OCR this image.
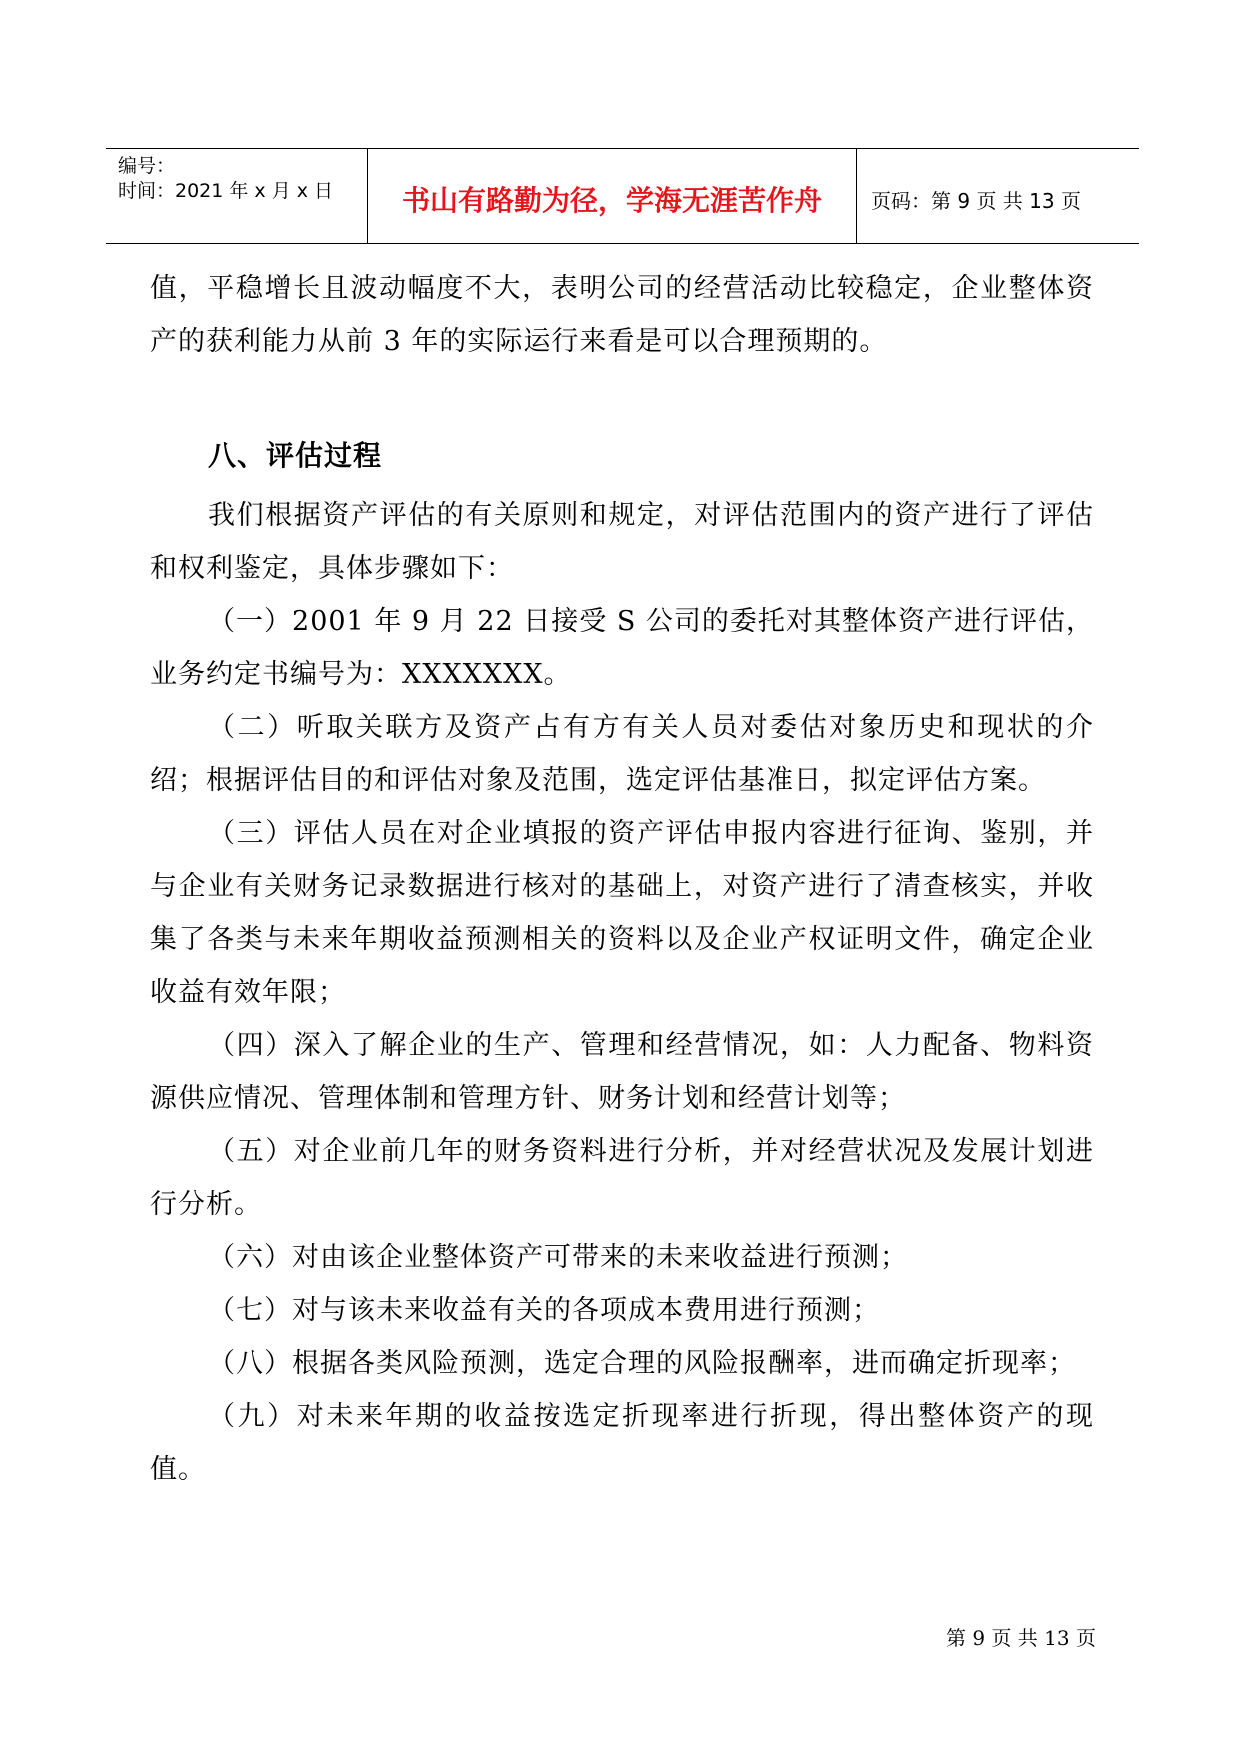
编号：
时间：2021 年 x 月 x 日	书山有路勤为径，学海无涯苦作舟	页码：第 9 页 共 13 页

值，平稳增长且波动幅度不大，表明公司的经营活动比较稳定，企业整体资产的获利能力从前 3 年的实际运行来看是可以合理预期的。

八、评估过程

我们根据资产评估的有关原则和规定，对评估范围内的资产进行了评估和权利鉴定，具体步骤如下：

（一）2001 年 9 月 22 日接受 S 公司的委托对其整体资产进行评估，业务约定书编号为：XXXXXXX。

（二）听取关联方及资产占有方有关人员对委估对象历史和现状的介绍；根据评估目的和评估对象及范围，选定评估基准日，拟定评估方案。

（三）评估人员在对企业填报的资产评估申报内容进行征询、鉴别，并与企业有关财务记录数据进行核对的基础上，对资产进行了清查核实，并收集了各类与未来年期收益预测相关的资料以及企业产权证明文件，确定企业收益有效年限；

（四）深入了解企业的生产、管理和经营情况，如：人力配备、物料资源供应情况、管理体制和管理方针、财务计划和经营计划等；

（五）对企业前几年的财务资料进行分析，并对经营状况及发展计划进行分析。

（六）对由该企业整体资产可带来的未来收益进行预测；

（七）对与该未来收益有关的各项成本费用进行预测；

（八）根据各类风险预测，选定合理的风险报酬率，进而确定折现率；

（九）对未来年期的收益按选定折现率进行折现，得出整体资产的现值。

第 9 页 共 13 页
